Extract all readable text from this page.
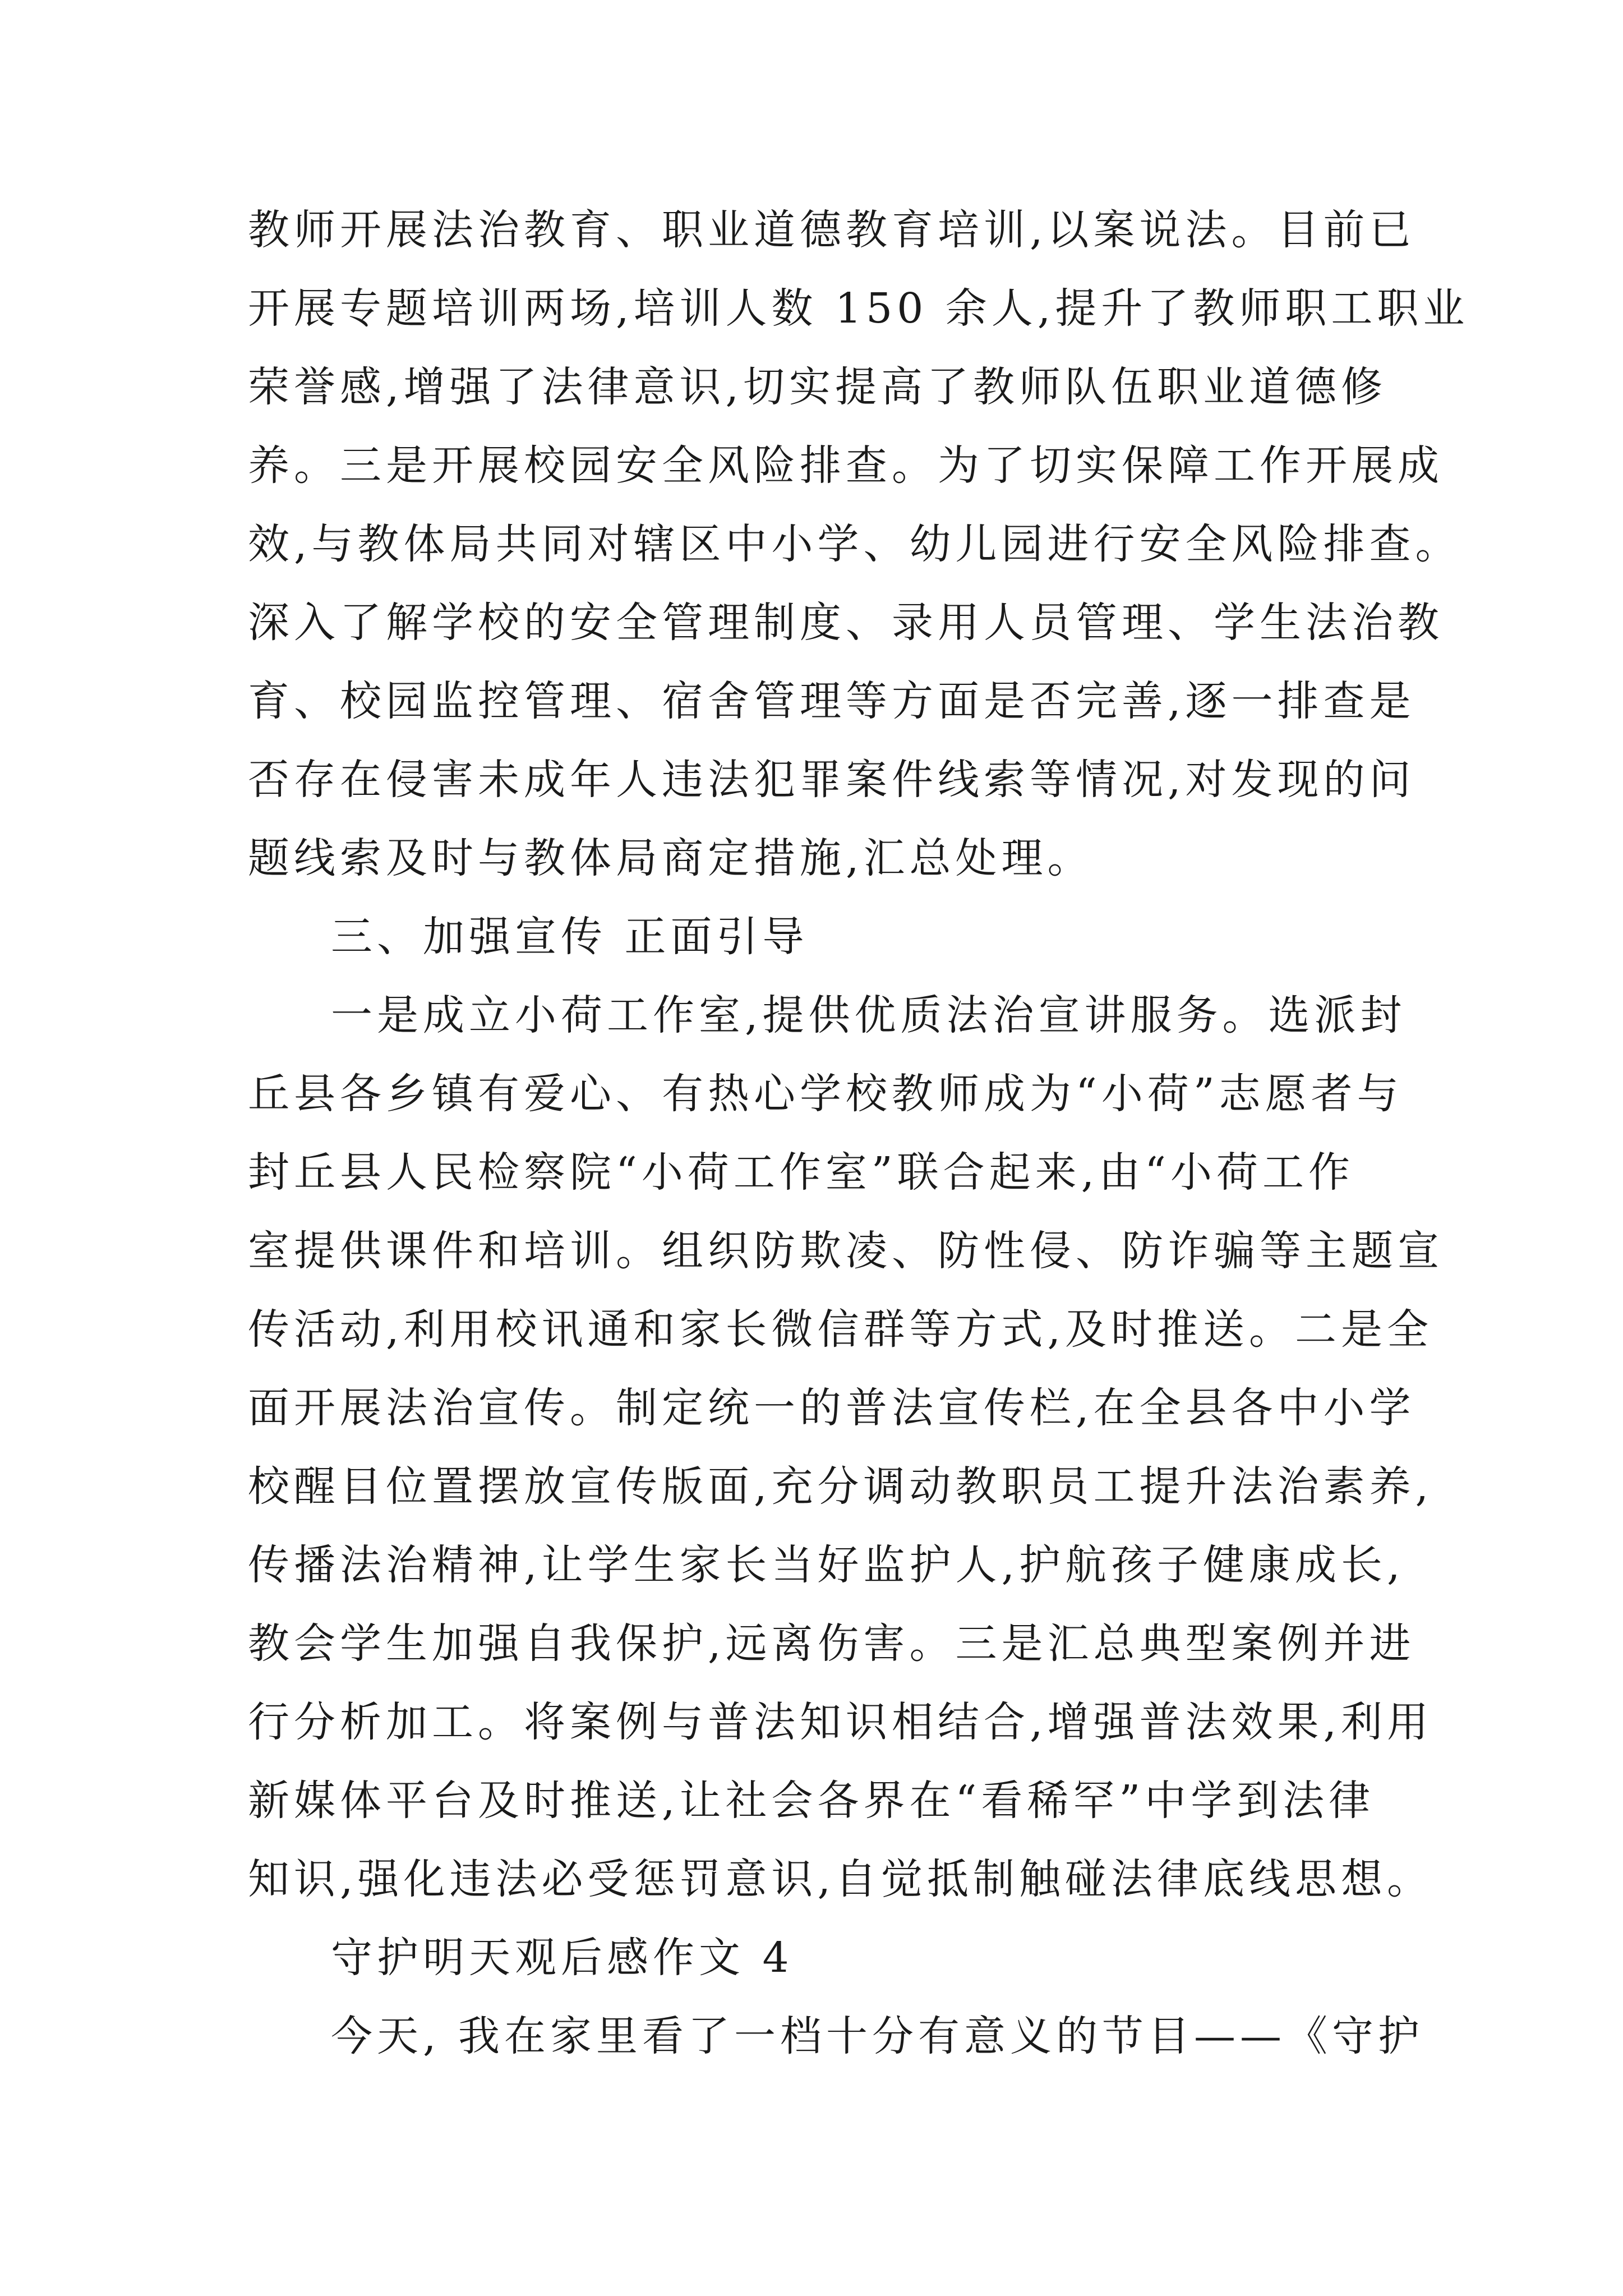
教师开展法治教育、职业道德教育培训,以案说法。目前已
开展专题培训两场,培训人数 150 余人,提升了教师职工职业
荣誉感,增强了法律意识,切实提高了教师队伍职业道德修
养。三是开展校园安全风险排查。为了切实保障工作开展成
效,与教体局共同对辖区中小学、幼儿园进行安全风险排查。
深入了解学校的安全管理制度、录用人员管理、学生法治教
育、校园监控管理、宿舍管理等方面是否完善,逐一排查是
否存在侵害未成年人违法犯罪案件线索等情况,对发现的问
题线索及时与教体局商定措施,汇总处理。
三、加强宣传 正面引导
一是成立小荷工作室,提供优质法治宣讲服务。选派封
丘县各乡镇有爱心、有热心学校教师成为“小荷”志愿者与
封丘县人民检察院“小荷工作室”联合起来,由“小荷工作
室提供课件和培训。组织防欺凌、防性侵、防诈骗等主题宣
传活动,利用校讯通和家长微信群等方式,及时推送。二是全
面开展法治宣传。制定统一的普法宣传栏,在全县各中小学
校醒目位置摆放宣传版面,充分调动教职员工提升法治素养,
传播法治精神,让学生家长当好监护人,护航孩子健康成长,
教会学生加强自我保护,远离伤害。三是汇总典型案例并进
行分析加工。将案例与普法知识相结合,增强普法效果,利用
新媒体平台及时推送,让社会各界在“看稀罕”中学到法律
知识,强化违法必受惩罚意识,自觉抵制触碰法律底线思想。
守护明天观后感作文 4
今天, 我在家里看了一档十分有意义的节目——《守护
